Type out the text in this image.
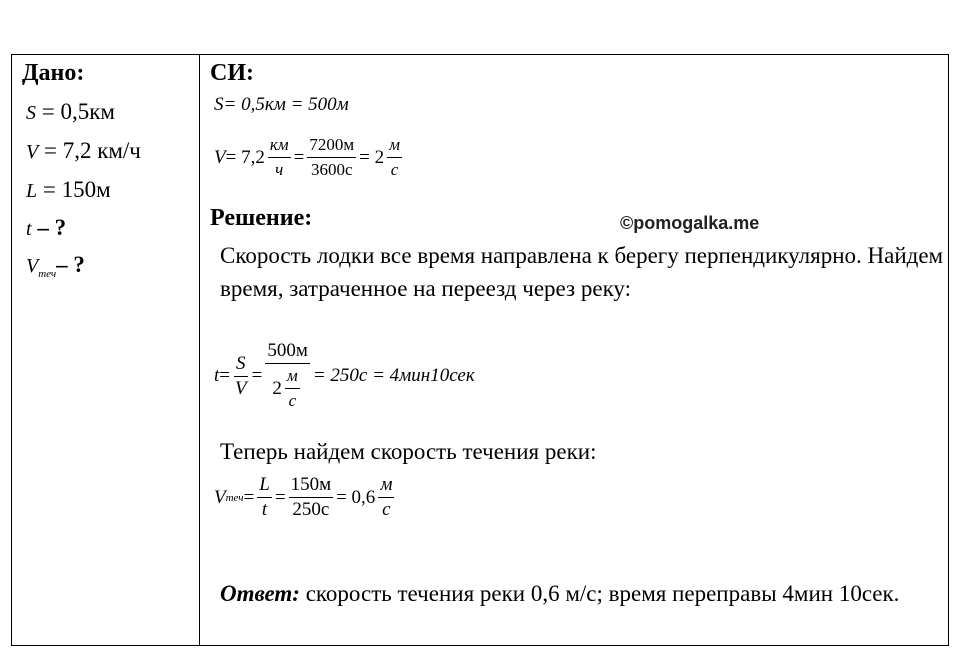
Дано:
S = 0,5км
V = 7,2 км/ч
L = 150м
t – ?
$V_{теч}-$ ?
СИ:
S = 0,5км = 500м
$V = 7,2 \frac{км}{ч} = \frac{7200м}{3600с} = 2 \frac{м}{с}$
Решение:	©pomogalka.me
Скорость лодки все время направлена к берегу перпендикулярно. Найдем время, затраченное на переезд через реку:
$t = \frac{S}{V} = \frac{500м}{2 \frac{м}{с}} = 250с = 4мин10сек$
Теперь найдем скорость течения реки:
V теч = $\frac{L}{t} = \frac{150м}{250с} = 0,6 \frac{м}{с}$
Ответ: скорость течения реки 0,6 м/с; время переправы 4мин 10сек.
